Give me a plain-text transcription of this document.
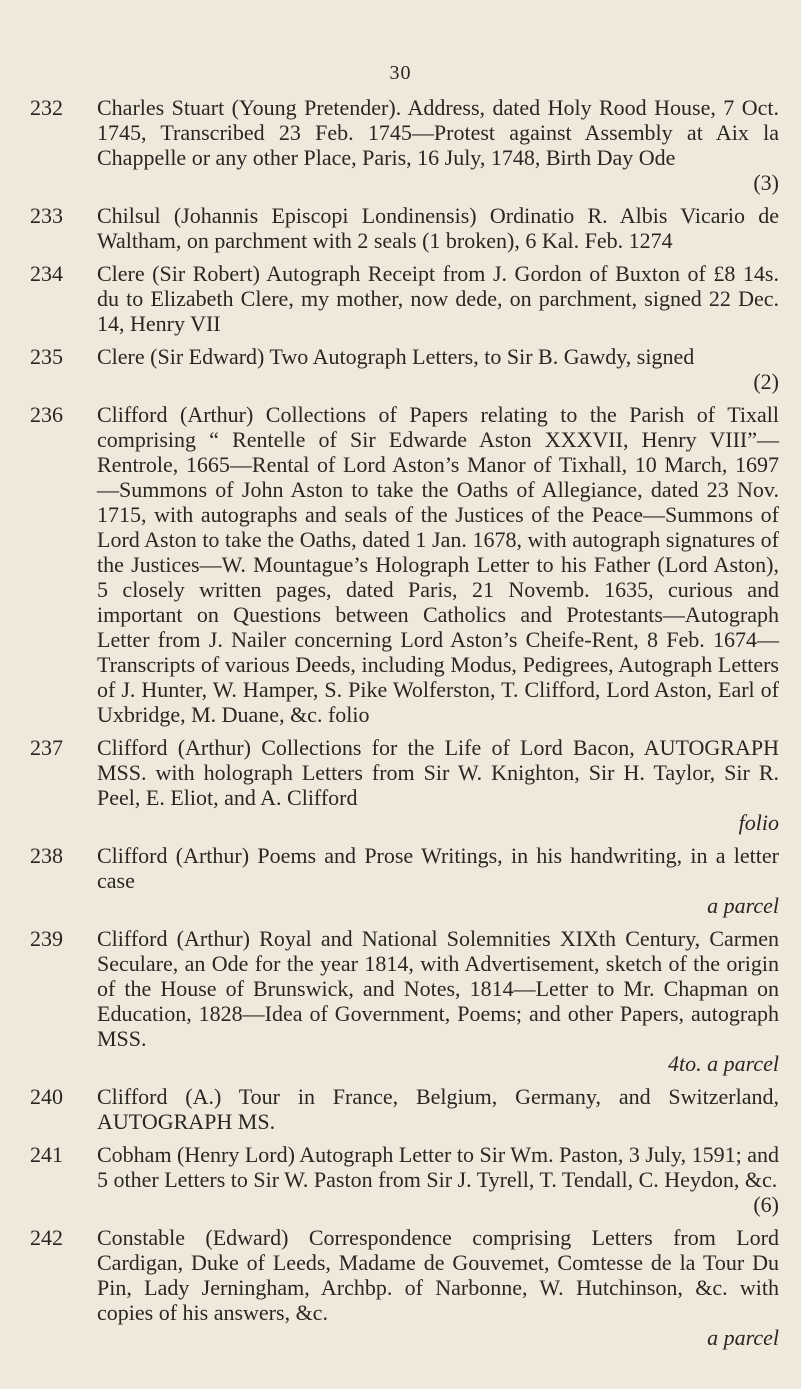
30
232	Charles Stuart (Young Pretender). Address, dated Holy Rood House, 7 Oct. 1745, Transcribed 23 Feb. 1745—Protest against Assembly at Aix la Chappelle or any other Place, Paris, 16 July, 1748, Birth Day Ode
(3)
233	Chilsul (Johannis Episcopi Londinensis) Ordinatio R. Albis Vicario de Waltham, on parchment with 2 seals (1 broken), 6 Kal. Feb. 1274
234	Clere (Sir Robert) Autograph Receipt from J. Gordon of Buxton of £8 14s. du to Elizabeth Clere, my mother, now dede, on parchment, signed 22 Dec. 14, Henry VII
235	Clere (Sir Edward) Two Autograph Letters, to Sir B. Gawdy, signed
(2)
236	Clifford (Arthur) Collections of Papers relating to the Parish of Tixall comprising “ Rentelle of Sir Edwarde Aston XXXVII, Henry VIII”—Rentrole, 1665—Rental of Lord Aston’s Manor of Tixhall, 10 March, 1697—Summons of John Aston to take the Oaths of Allegiance, dated 23 Nov. 1715, with autographs and seals of the Justices of the Peace—Summons of Lord Aston to take the Oaths, dated 1 Jan. 1678, with autograph signatures of the Justices—W. Mountague’s Holograph Letter to his Father (Lord Aston), 5 closely written pages, dated Paris, 21 Novemb. 1635, curious and important on Questions between Catholics and Protestants—Autograph Letter from J. Nailer concerning Lord Aston’s Cheife-Rent, 8 Feb. 1674—Transcripts of various Deeds, including Modus, Pedigrees, Autograph Letters of J. Hunter, W. Hamper, S. Pike Wolferston, T. Clifford, Lord Aston, Earl of Uxbridge, M. Duane, &c. folio
237	Clifford (Arthur) Collections for the Life of Lord Bacon, AUTOGRAPH MSS. with holograph Letters from Sir W. Knighton, Sir H. Taylor, Sir R. Peel, E. Eliot, and A. Clifford
folio
238	Clifford (Arthur) Poems and Prose Writings, in his handwriting, in a letter case
a parcel
239	Clifford (Arthur) Royal and National Solemnities XIXth Century, Carmen Seculare, an Ode for the year 1814, with Advertisement, sketch of the origin of the House of Brunswick, and Notes, 1814—Letter to Mr. Chapman on Education, 1828—Idea of Government, Poems; and other Papers, autograph MSS.
4to. a parcel
240	Clifford (A.) Tour in France, Belgium, Germany, and Switzerland, AUTOGRAPH MS.
241	Cobham (Henry Lord) Autograph Letter to Sir Wm. Paston, 3 July, 1591; and 5 other Letters to Sir W. Paston from Sir J. Tyrell, T. Tendall, C. Heydon, &c.
(6)
242	Constable (Edward) Correspondence comprising Letters from Lord Cardigan, Duke of Leeds, Madame de Gouvemet, Comtesse de la Tour Du Pin, Lady Jerningham, Archbp. of Narbonne, W. Hutchinson, &c. with copies of his answers, &c.
a parcel
